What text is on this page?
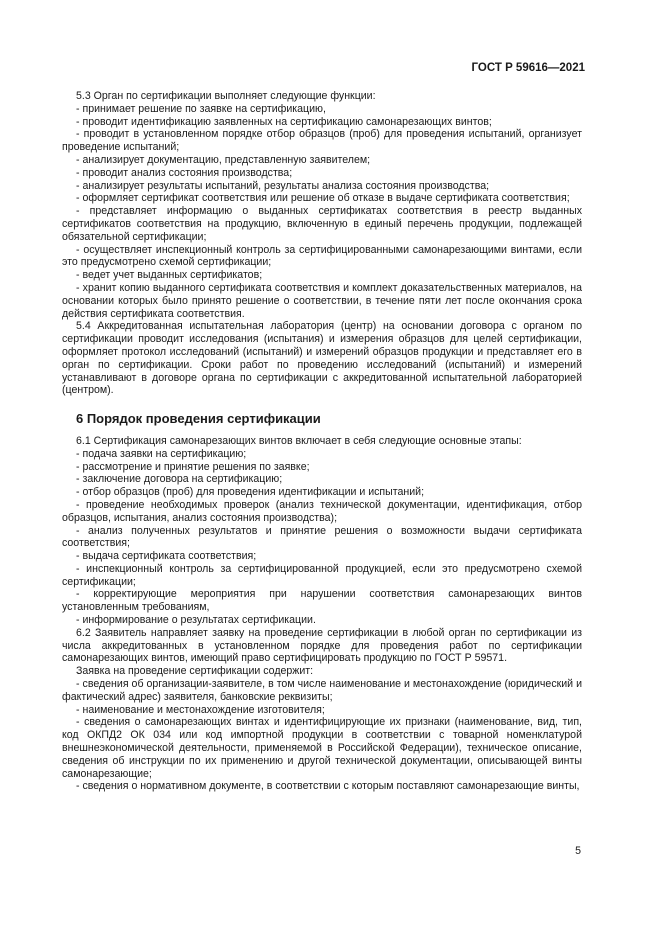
ГОСТ Р 59616—2021

5.3 Орган по сертификации выполняет следующие функции:

- принимает решение по заявке на сертификацию,

- проводит идентификацию заявленных на сертификацию самонарезающих винтов;

- проводит в установленном порядке отбор образцов (проб) для проведения испытаний, организует проведение испытаний;

- анализирует документацию, представленную заявителем;

- проводит анализ состояния производства;

- анализирует результаты испытаний, результаты анализа состояния производства;

- оформляет сертификат соответствия или решение об отказе в выдаче сертификата соответствия;

- представляет информацию о выданных сертификатах соответствия в реестр выданных сертификатов соответствия на продукцию, включенную в единый перечень продукции, подлежащей обязательной сертификации;

- осуществляет инспекционный контроль за сертифицированными самонарезающими винтами, если это предусмотрено схемой сертификации;

- ведет учет выданных сертификатов;

- хранит копию выданного сертификата соответствия и комплект доказательственных материалов, на основании которых было принято решение о соответствии, в течение пяти лет после окончания срока действия сертификата соответствия.

5.4 Аккредитованная испытательная лаборатория (центр) на основании договора с органом по сертификации проводит исследования (испытания) и измерения образцов для целей сертификации, оформляет протокол исследований (испытаний) и измерений образцов продукции и представляет его в орган по сертификации. Сроки работ по проведению исследований (испытаний) и измерений устанавливают в договоре органа по сертификации с аккредитованной испытательной лабораторией (центром).

6 Порядок проведения сертификации

6.1 Сертификация самонарезающих винтов включает в себя следующие основные этапы:

- подача заявки на сертификацию;

- рассмотрение и принятие решения по заявке;

- заключение договора на сертификацию;

- отбор образцов (проб) для проведения идентификации и испытаний;

- проведение необходимых проверок (анализ технической документации, идентификация, отбор образцов, испытания, анализ состояния производства);

- анализ полученных результатов и принятие решения о возможности выдачи сертификата соответствия;

- выдача сертификата соответствия;

- инспекционный контроль за сертифицированной продукцией, если это предусмотрено схемой сертификации;

- корректирующие мероприятия при нарушении соответствия самонарезающих винтов установленным требованиям,

- информирование о результатах сертификации.

6.2 Заявитель направляет заявку на проведение сертификации в любой орган по сертификации из числа аккредитованных в установленном порядке для проведения работ по сертификации самонарезающих винтов, имеющий право сертифицировать продукцию по ГОСТ Р 59571.

Заявка на проведение сертификации содержит:

- сведения об организации-заявителе, в том числе наименование и местонахождение (юридический и фактический адрес) заявителя, банковские реквизиты;

- наименование и местонахождение изготовителя;

- сведения о самонарезающих винтах и идентифицирующие их признаки (наименование, вид, тип, код ОКПД2 ОК 034 или код импортной продукции в соответствии с товарной номенклатурой внешнеэкономической деятельности, применяемой в Российской Федерации), техническое описание, сведения об инструкции по их применению и другой технической документации, описывающей винты самонарезающие;

- сведения о нормативном документе, в соответствии с которым поставляют самонарезающие винты,

5
